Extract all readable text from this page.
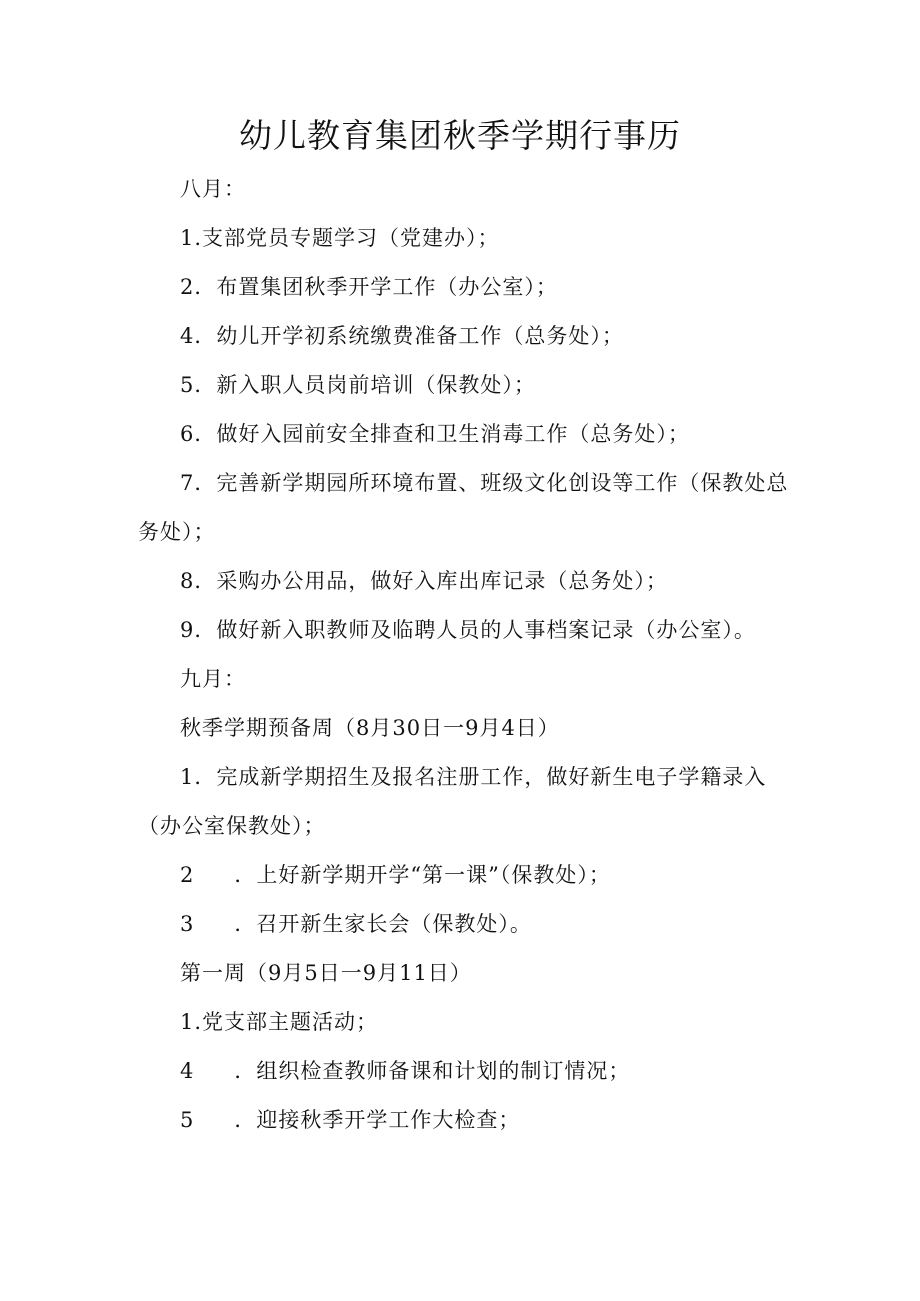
幼儿教育集团秋季学期行事历
八月：
1.支部党员专题学习（党建办）；
2．布置集团秋季开学工作（办公室）；
4．幼儿开学初系统缴费准备工作（总务处）；
5．新入职人员岗前培训（保教处）；
6．做好入园前安全排查和卫生消毒工作（总务处）；
7．完善新学期园所环境布置、班级文化创设等工作（保教处总
务处）；
8．采购办公用品，做好入库出库记录（总务处）；
9．做好新入职教师及临聘人员的人事档案记录（办公室）。
九月：
秋季学期预备周（8月30日一9月4日）
1．完成新学期招生及报名注册工作，做好新生电子学籍录入
（办公室保教处）；
2 ．上好新学期开学“第一课”（保教处）；
3 ．召开新生家长会（保教处）。
第一周（9月5日一9月11日）
1.党支部主题活动；
4 ．组织检查教师备课和计划的制订情况；
5 ．迎接秋季开学工作大检查；
